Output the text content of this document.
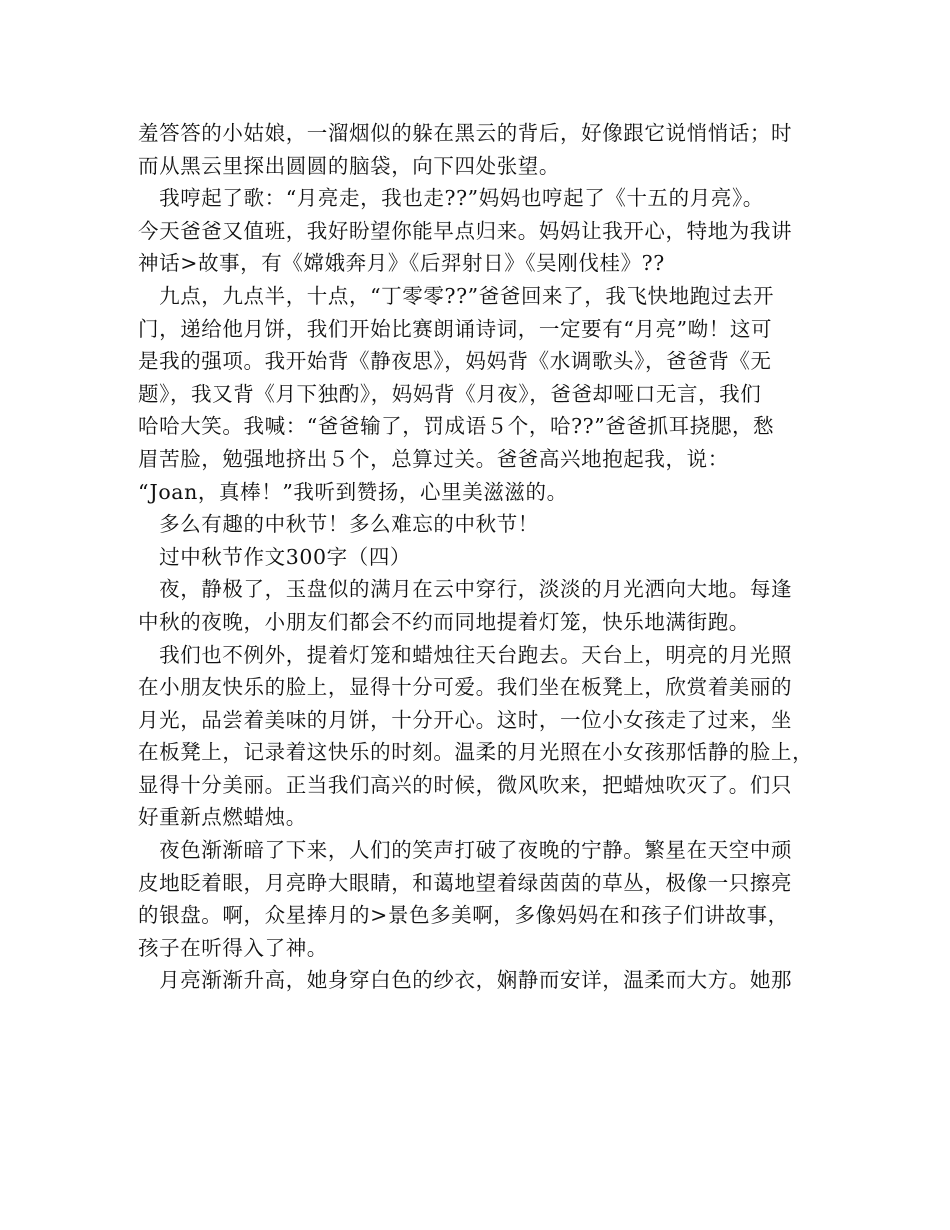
羞答答的小姑娘，一溜烟似的躲在黑云的背后，好像跟它说悄悄话；时
而从黑云里探出圆圆的脑袋，向下四处张望。
　我哼起了歌：“月亮走，我也走??”妈妈也哼起了《十五的月亮》。
今天爸爸又值班，我好盼望你能早点归来。妈妈让我开心，特地为我讲
神话>故事，有《嫦娥奔月》《后羿射日》《吴刚伐桂》??
　九点，九点半，十点，“丁零零??”爸爸回来了，我飞快地跑过去开
门，递给他月饼，我们开始比赛朗诵诗词，一定要有“月亮”呦！这可
是我的强项。我开始背《静夜思》，妈妈背《水调歌头》，爸爸背《无
题》，我又背《月下独酌》，妈妈背《月夜》，爸爸却哑口无言，我们
哈哈大笑。我喊：“爸爸输了，罚成语５个，哈??”爸爸抓耳挠腮，愁
眉苦脸，勉强地挤出５个，总算过关。爸爸高兴地抱起我，说：
“Joan，真棒！”我听到赞扬，心里美滋滋的。
　多么有趣的中秋节！多么难忘的中秋节！
　过中秋节作文300字（四）
　夜，静极了，玉盘似的满月在云中穿行，淡淡的月光洒向大地。每逢
中秋的夜晚，小朋友们都会不约而同地提着灯笼，快乐地满街跑。
　我们也不例外，提着灯笼和蜡烛往天台跑去。天台上，明亮的月光照
在小朋友快乐的脸上，显得十分可爱。我们坐在板凳上，欣赏着美丽的
月光，品尝着美味的月饼，十分开心。这时，一位小女孩走了过来，坐
在板凳上，记录着这快乐的时刻。温柔的月光照在小女孩那恬静的脸上，
显得十分美丽。正当我们高兴的时候，微风吹来，把蜡烛吹灭了。们只
好重新点燃蜡烛。
　夜色渐渐暗了下来，人们的笑声打破了夜晚的宁静。繁星在天空中顽
皮地眨着眼，月亮睁大眼睛，和蔼地望着绿茵茵的草丛，极像一只擦亮
的银盘。啊，众星捧月的>景色多美啊，多像妈妈在和孩子们讲故事，
孩子在听得入了神。
　月亮渐渐升高，她身穿白色的纱衣，娴静而安详，温柔而大方。她那
